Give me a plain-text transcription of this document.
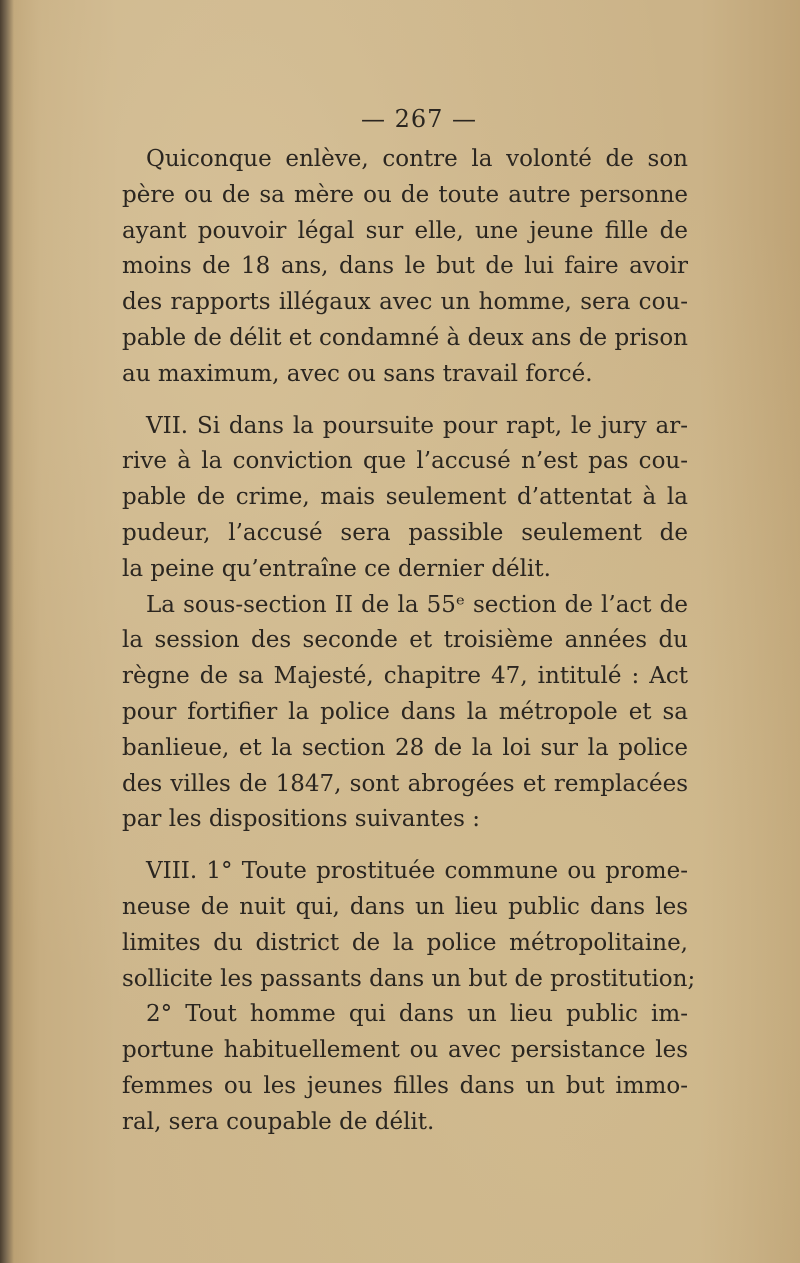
— 267 —

Quiconque enlève, contre la volonté de son
père ou de sa mère ou de toute autre personne
ayant pouvoir légal sur elle, une jeune fille de
moins de 18 ans, dans le but de lui faire avoir
des rapports illégaux avec un homme, sera cou-
pable de délit et condamné à deux ans de prison
au maximum, avec ou sans travail forcé.

VII. Si dans la poursuite pour rapt, le jury ar-
rive à la conviction que l’accusé n’est pas cou-
pable de crime, mais seulement d’attentat à la
pudeur, l’accusé sera passible seulement de
la peine qu’entraîne ce dernier délit.

La sous-section II de la 55ᵉ section de l’act de
la session des seconde et troisième années du
règne de sa Majesté, chapitre 47, intitulé : Act
pour fortifier la police dans la métropole et sa
banlieue, et la section 28 de la loi sur la police
des villes de 1847, sont abrogées et remplacées
par les dispositions suivantes :

VIII. 1° Toute prostituée commune ou prome-
neuse de nuit qui, dans un lieu public dans les
limites du district de la police métropolitaine,
sollicite les passants dans un but de prostitution;

2° Tout homme qui dans un lieu public im-
portune habituellement ou avec persistance les
femmes ou les jeunes filles dans un but immo-
ral, sera coupable de délit.
